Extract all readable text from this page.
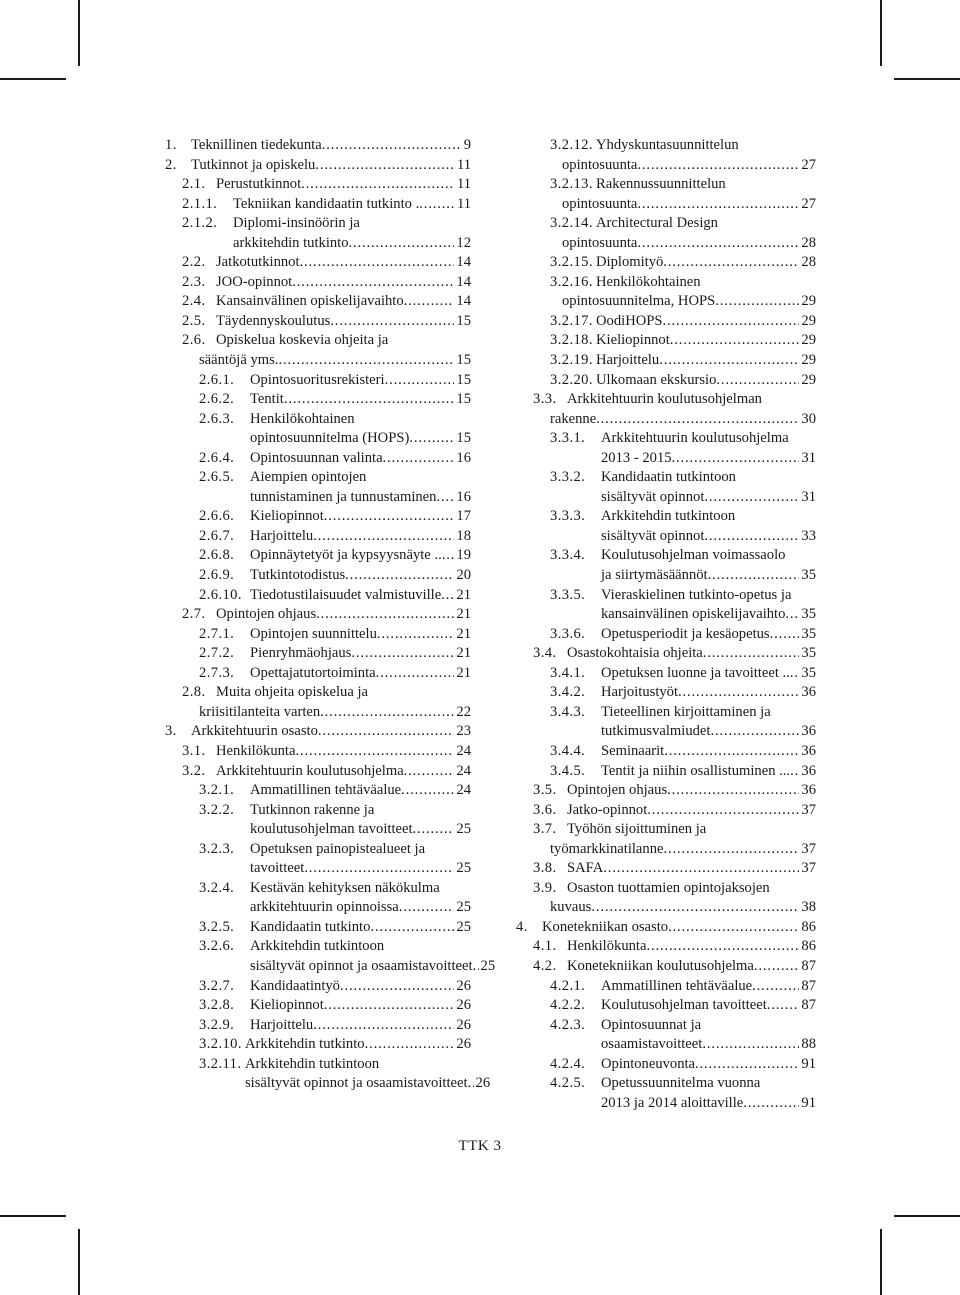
1. Teknillinen tiedekunta . . .	9
2. Tutkinnot ja opiskelu . . .	11
2.1. Perustutkinnot . . .	11
2.1.1.	Tekniikan kandidaatin tutkinto . . . .	11
2.1.2.	Diplomi-insinöörin ja
arkkitehdin tutkinto . . .	12
2.2. Jatkotutkinnot . . .	14
2.3. JOO-opinnot . . .	14
2.4. Kansainvälinen opiskelijavaihto . . .	14
2.5. Täydennyskoulutus . . .	15
2.6. Opiskelua koskevia ohjeita ja
sääntöjä yms. . . .	15
2.6.1.	Opintosuoritusrekisteri . . .	15
2.6.2.	Tentit . . .	15
2.6.3.	Henkilökohtainen
opintosuunnitelma (HOPS) . . .	15
2.6.4.	Opintosuunnan valinta . . .	16
2.6.5.	Aiempien opintojen
tunnistaminen ja tunnustaminen . . . 16
2.6.6.	Kieliopinnot . . .	17
2.6.7.	Harjoittelu . . .	18
2.6.8.	Opinnäytetyöt ja kypsyysnäyte .. . . . 19
2.6.9.	Tutkintotodistus . . .	20
2.6.10. Tiedotustilaisuudet valmistuville . . . 21
2.7. Opintojen ohjaus . . .	21
2.7.1.	Opintojen suunnittelu . . .	21
2.7.2.	Pienryhmäohjaus . . .	21
2.7.3.	Opettajatutortoiminta . . .	21
2.8. Muita ohjeita opiskelua ja
kriisitilanteita varten . . .	22
3. Arkkitehtuurin osasto . . .	23
3.1. Henkilökunta . . .	24
3.2. Arkkitehtuurin koulutusohjelma . . .	24
3.2.1.	Ammatillinen tehtäväalue . . .	24
3.2.2.	Tutkinnon rakenne ja
koulutusohjelman tavoitteet . . .	25
3.2.3.	Opetuksen painopistealueet ja
tavoitteet . . .	25
3.2.4.	Kestävän kehityksen näkökulma
arkkitehtuurin opinnoissa . . .	25
3.2.5.	Kandidaatin tutkinto . . .	25
3.2.6.	Arkkitehdin tutkintoon
sisältyvät opinnot ja osaamistavoitteet . . . 25
3.2.7.	Kandidaatintyö . . .	26
3.2.8.	Kieliopinnot . . .	26
3.2.9.	Harjoittelu . . .	26
3.2.10. Arkkitehdin tutkinto . . .	26
3.2.11. Arkkitehdin tutkintoon
sisältyvät opinnot ja osaamistavoitteet . . . 26
3.2.12. Yhdyskuntasuunnittelun
opintosuunta . . .	27
3.2.13. Rakennussuunnittelun
opintosuunta . . .	27
3.2.14. Architectural Design
opintosuunta . . .	28
3.2.15. Diplomityö . . .	28
3.2.16. Henkilökohtainen
opintosuunnitelma, HOPS . . .	29
3.2.17. OodiHOPS . . .	29
3.2.18. Kieliopinnot . . .	29
3.2.19. Harjoittelu . . .	29
3.2.20. Ulkomaan ekskursio . . .	29
3.3. Arkkitehtuurin koulutusohjelman
rakenne . . .	30
3.3.1.	Arkkitehtuurin koulutusohjelma
2013 - 2015 . . .	31
3.3.2.	Kandidaatin tutkintoon
sisältyvät opinnot . . .	31
3.3.3.	Arkkitehdin tutkintoon
sisältyvät opinnot . . .	33
3.3.4.	Koulutusohjelman voimassaolo
ja siirtymäsäännöt . . .	35
3.3.5.	Vieraskielinen tutkinto-opetus ja
kansainvälinen opiskelijavaihto . . . 35
3.3.6.	Opetusperiodit ja kesäopetus . . . 35
3.4. Osastokohtaisia ohjeita . . .	35
3.4.1.	Opetuksen luonne ja tavoitteet .. . . . 35
3.4.2.	Harjoitustyöt . . .	36
3.4.3.	Tieteellinen kirjoittaminen ja
tutkimusvalmiudet . . .	36
3.4.4.	Seminaarit . . .	36
3.4.5.	Tentit ja niihin osallistuminen ... . . . 36
3.5. Opintojen ohjaus . . .	36
3.6. Jatko-opinnot . . .	37
3.7. Työhön sijoittuminen ja
työmarkkinatilanne . . .	37
3.8. SAFA . . .	37
3.9. Osaston tuottamien opintojaksojen
kuvaus . . .	38
4. Konetekniikan osasto . . .	86
4.1. Henkilökunta . . .	86
4.2. Konetekniikan koulutusohjelma . . .	87
4.2.1.	Ammatillinen tehtäväalue . . .	87
4.2.2.	Koulutusohjelman tavoitteet . . . 87
4.2.3.	Opintosuunnat ja
osaamistavoitteet . . .	88
4.2.4.	Opintoneuvonta . . .	91
4.2.5.	Opetussuunnitelma vuonna
2013 ja 2014 aloittaville . . .	91
TTK 3
